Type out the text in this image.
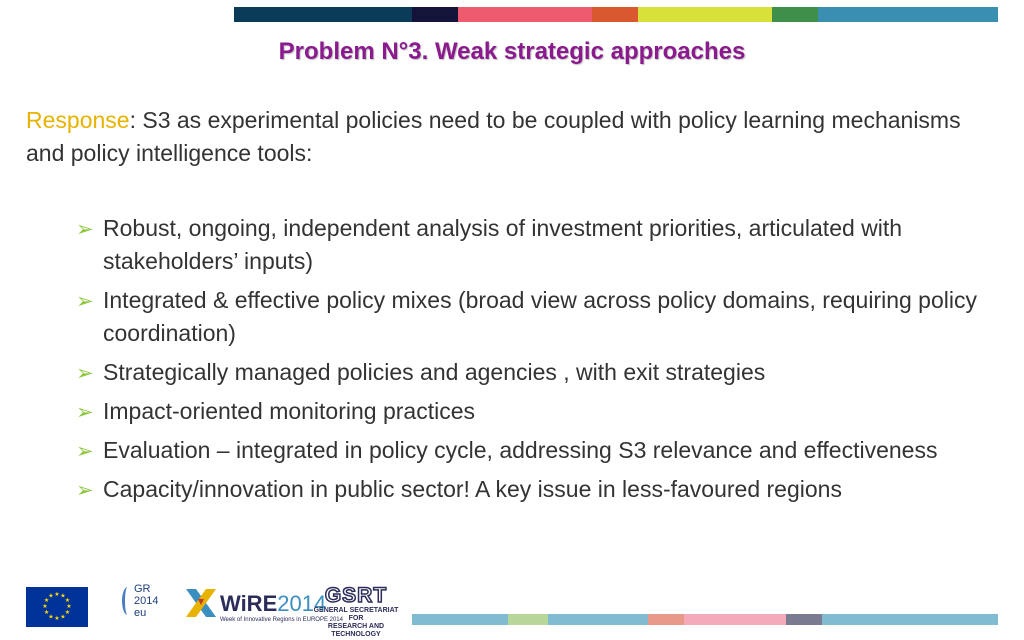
Problem N°3. Weak strategic approaches
Response: S3 as experimental policies need to be coupled with policy learning mechanisms and policy intelligence tools:
➢ Robust, ongoing, independent analysis of investment priorities, articulated with stakeholders’ inputs)
➢ Integrated & effective policy mixes (broad view across policy domains, requiring policy coordination)
➢ Strategically managed policies and agencies , with exit strategies
➢ Impact-oriented monitoring practices
➢ Evaluation – integrated in policy cycle, addressing S3 relevance and effectiveness
➢ Capacity/innovation in public sector! A key issue in less-favoured regions
★ ★
★
★
★
★
★
★
★
★
★
★
GR
2014
eu	WiRE2014
Week of Innovative Regions in EUROPE 2014
GSRT
GENERAL SECRETARIAT FOR
RESEARCH AND TECHNOLOGY
